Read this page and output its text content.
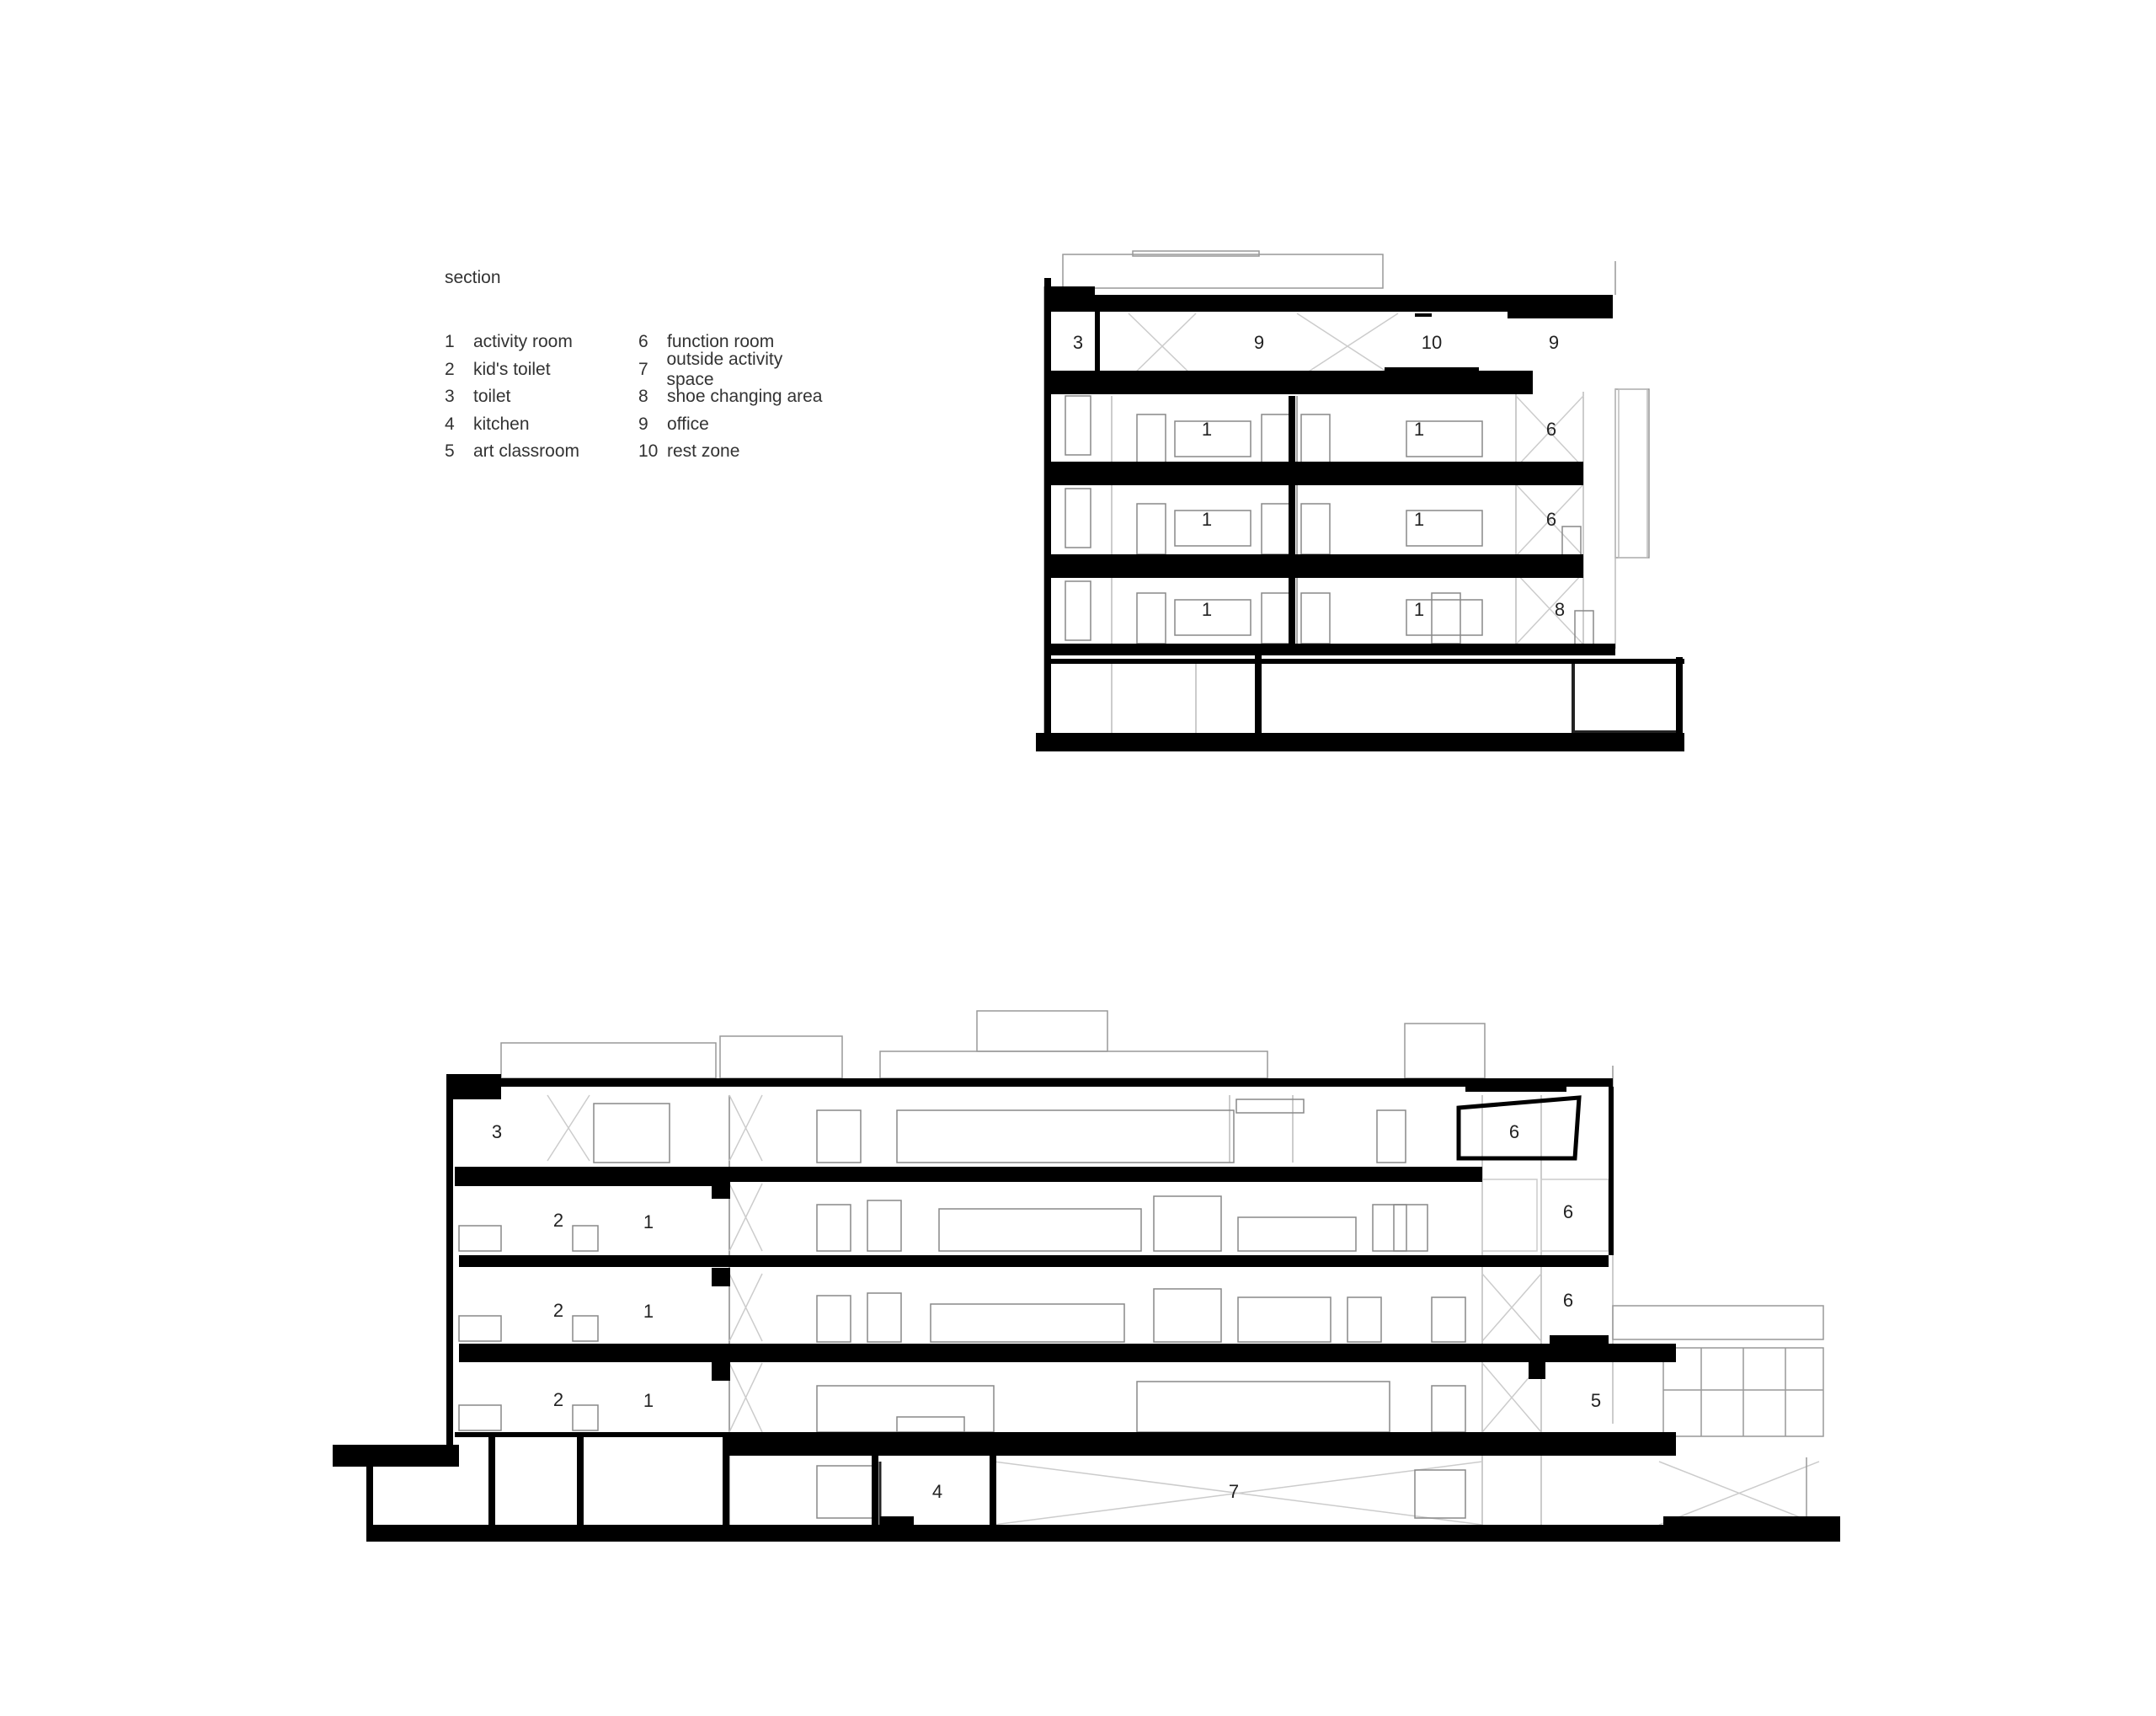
3	9	10	9
1	1	6
1	1	6
1	1	8
3	6
2	1	6
2	1
6
2	1	5
4	7
section
1	activity room
2	kid's toilet
3	toilet
4	kitchen
5	art classroom
6	function room
7
outside activity space
8	shoe changing area
9	office
10 rest zone
